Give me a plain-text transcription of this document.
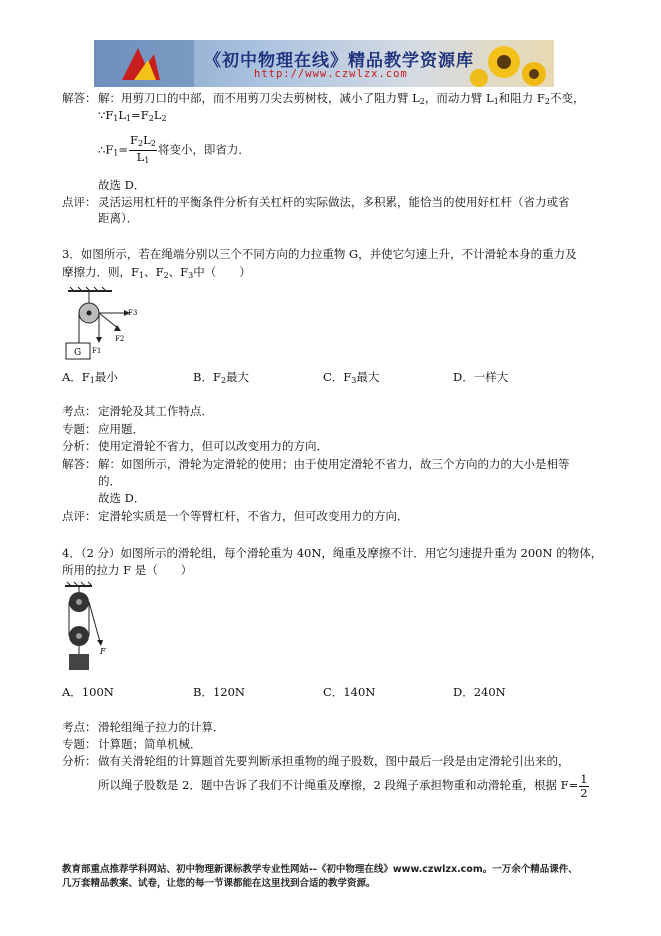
《初中物理在线》精品教学资源库
http://www.czwlzx.com
解答： 解：用剪刀口的中部，而不用剪刀尖去剪树枝，减小了阻力臂 $L_2$，而动力臂 $L_1$和阻力 $F_2$不变，
$\because F_1L_1=F_2L_2$
$\therefore F_1= \frac{F_2L_2}{L_1}$ 将变小，即省力．
故选 D．
点评： 灵活运用杠杆的平衡条件分析有关杠杆的实际做法，多积累，能恰当的使用好杠杆（省力或省
距离）．
3．如图所示，若在绳端分别以三个不同方向的力拉重物 G，并使它匀速上升，不计滑轮本身的重力及
摩擦力．则，$F_1$、$F_2$、$F_3$中（　　）
G F1
F2
F3
A．$F_1$最小	B．$F_2$最大	C．$F_3$最大	D．一样大
考点： 定滑轮及其工作特点．
专题： 应用题．
分析： 使用定滑轮不省力，但可以改变用力的方向．
解答： 解：如图所示，滑轮为定滑轮的使用；由于使用定滑轮不省力，故三个方向的力的大小是相等
的．
故选 D．
点评： 定滑轮实质是一个等臂杠杆，不省力，但可改变用力的方向．
4．（2 分）如图所示的滑轮组，每个滑轮重为 40N，绳重及摩擦不计．用它匀速提升重为 200N 的物体，
所用的拉力 F 是（　　）
F
A．100N	B．120N	C．140N	D．240N
考点： 滑轮组绳子拉力的计算．
专题： 计算题；简单机械．
分析： 做有关滑轮组的计算题首先要判断承担重物的绳子股数，图中最后一段是由定滑轮引出来的，
所以绳子股数是 2．题中告诉了我们不计绳重及摩擦，2 段绳子承担物重和动滑轮重，根据 $F= \frac{1}{2}$
教育部重点推荐学科网站、初中物理新课标教学专业性网站--《初中物理在线》www.czwlzx.com。一万余个精品课件、
几万套精品教案、试卷，让您的每一节课都能在这里找到合适的教学资源。
